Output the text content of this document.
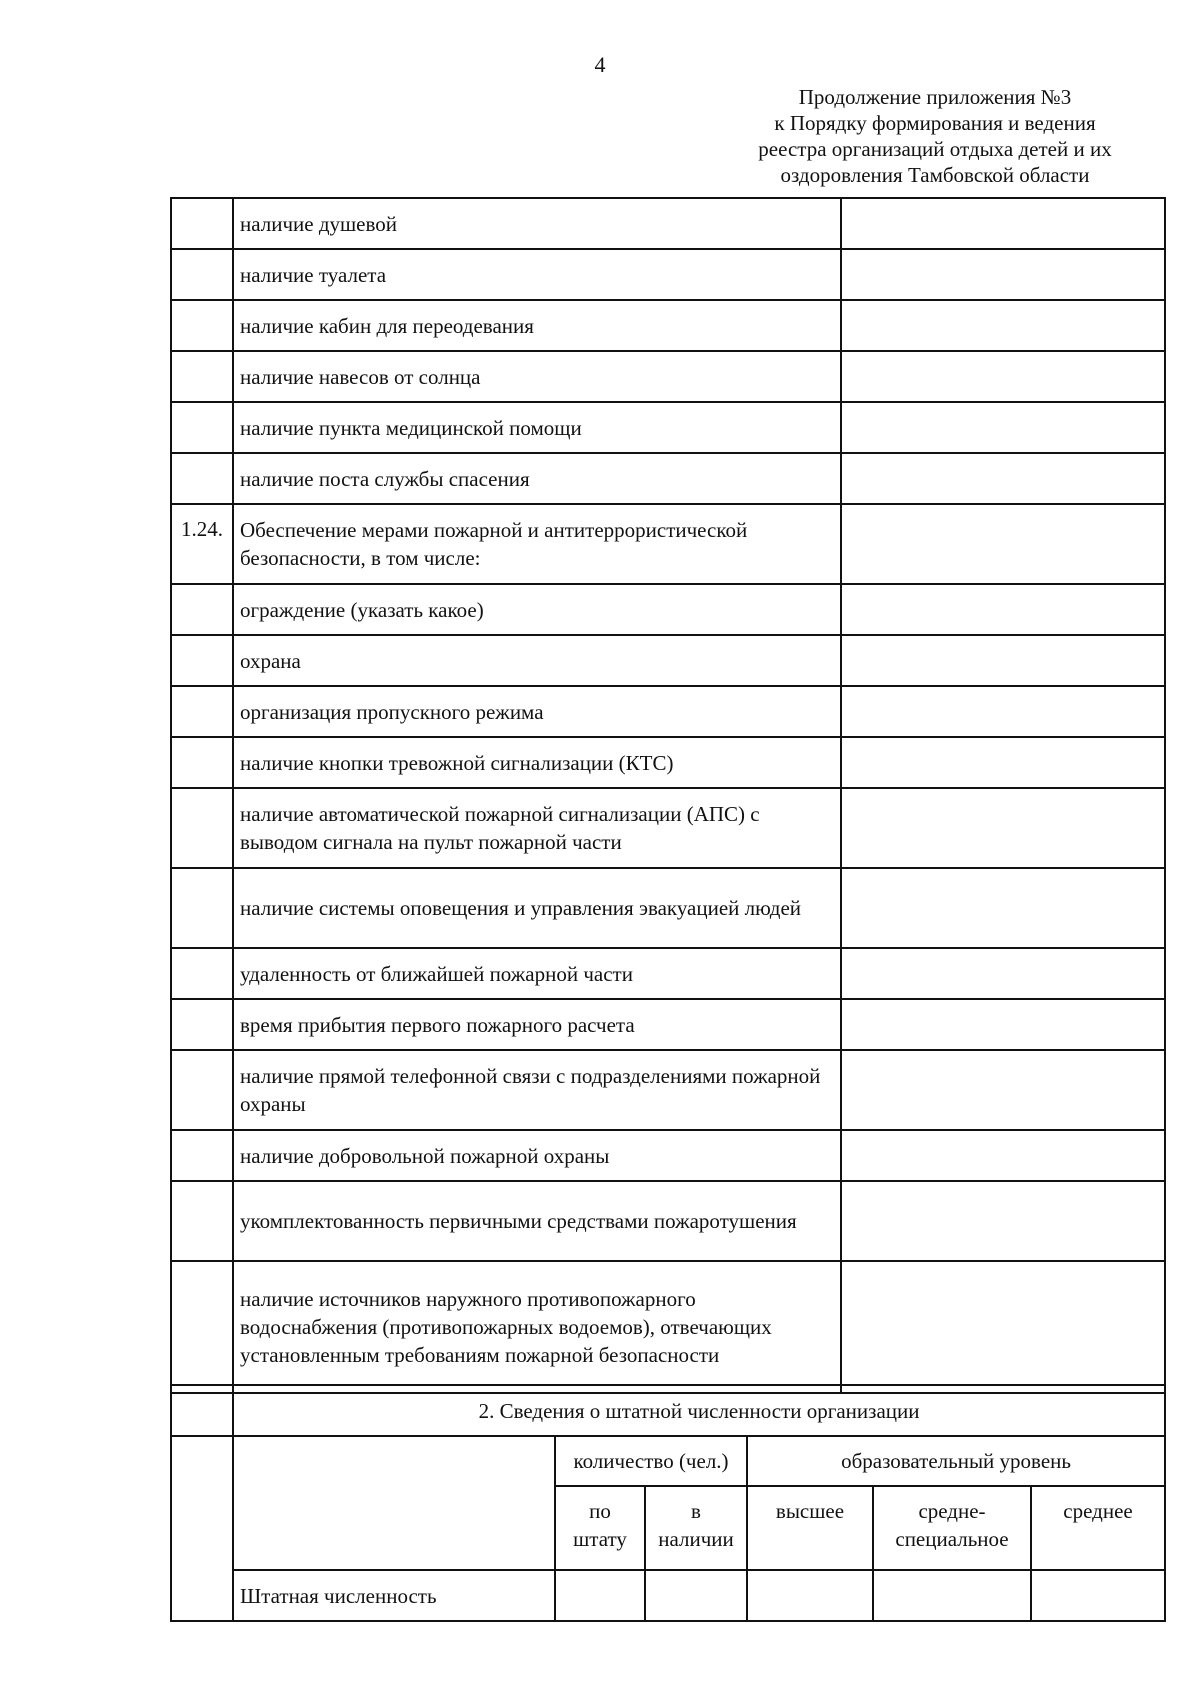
4
Продолжение приложения №3
к Порядку формирования и ведения
реестра организаций отдыха детей и их
оздоровления Тамбовской области
	наличие душевой	
	наличие туалета	
	наличие кабин для переодевания	
	наличие навесов от солнца	
	наличие пункта медицинской помощи	
	наличие поста службы спасения	
1.24.	Обеспечение мерами пожарной и антитеррористической безопасности, в том числе:	
	ограждение (указать какое)	
	охрана	
	организация пропускного режима	
	наличие кнопки тревожной сигнализации (КТС)	
	наличие автоматической пожарной сигнализации (АПС) с выводом сигнала на пульт пожарной части	
	наличие системы оповещения и управления эвакуацией людей	
	удаленность от ближайшей пожарной части	
	время прибытия первого пожарного расчета	
	наличие прямой телефонной связи с подразделениями пожарной охраны	
	наличие добровольной пожарной охраны	
	укомплектованность первичными средствами пожаротушения	
	наличие источников наружного противопожарного водоснабжения (противопожарных водоемов), отвечающих установленным требованиям пожарной безопасности	
	2. Сведения о штатной численности организации					
		количество (чел.)		образовательный уровень		
		по штату	в наличии	высшее	средне-специальное	среднее
	Штатная численность					
